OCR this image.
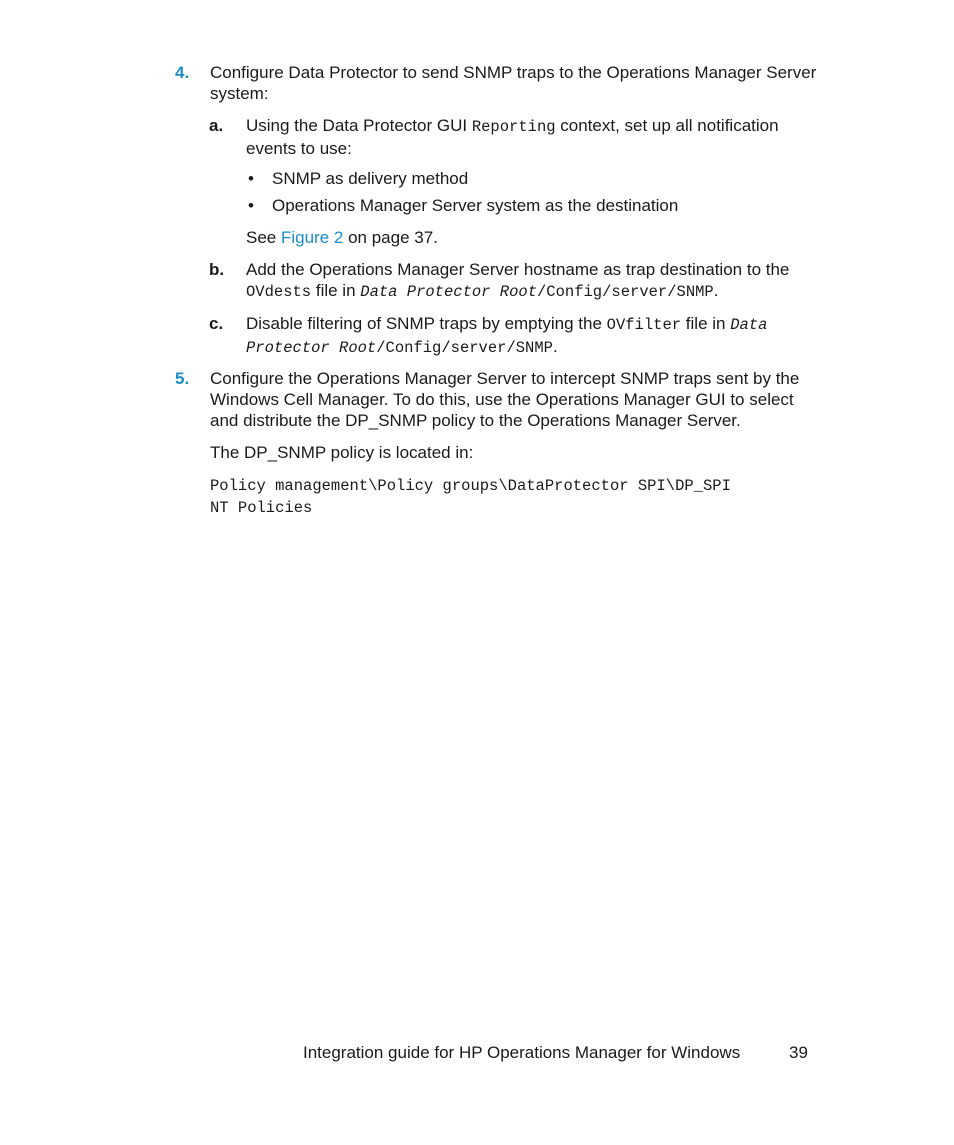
4. Configure Data Protector to send SNMP traps to the Operations Manager Server system:
a. Using the Data Protector GUI Reporting context, set up all notification events to use:
• SNMP as delivery method
• Operations Manager Server system as the destination
See Figure 2 on page 37.
b. Add the Operations Manager Server hostname as trap destination to the OVdests file in Data Protector Root/Config/server/SNMP.
c. Disable filtering of SNMP traps by emptying the OVfilter file in Data Protector Root/Config/server/SNMP.
5. Configure the Operations Manager Server to intercept SNMP traps sent by the Windows Cell Manager. To do this, use the Operations Manager GUI to select and distribute the DP_SNMP policy to the Operations Manager Server.
The DP_SNMP policy is located in:
Policy management\Policy groups\DataProtector SPI\DP_SPI
NT Policies
Integration guide for HP Operations Manager for Windows	39
